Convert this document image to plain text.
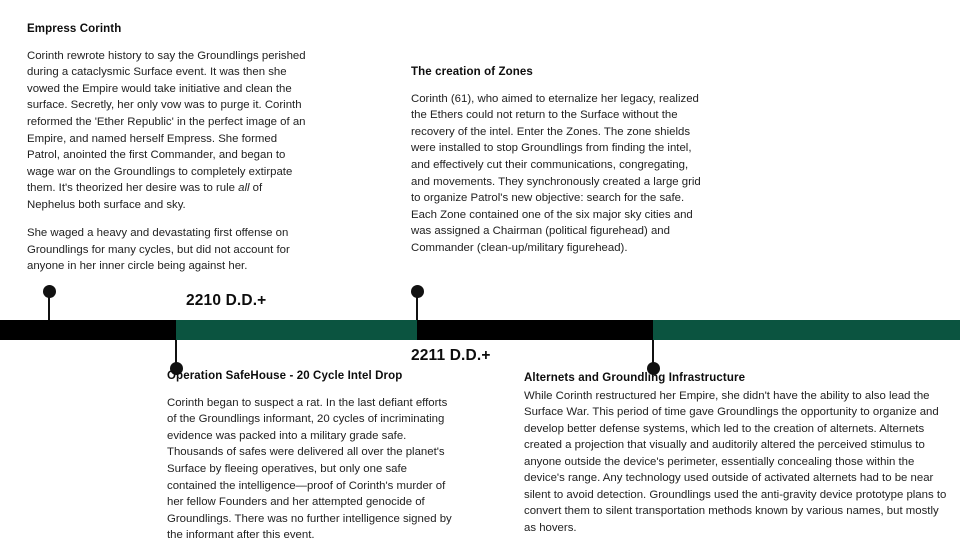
Empress Corinth

Corinth rewrote history to say the Groundlings perished during a cataclysmic Surface event. It was then she vowed the Empire would take initiative and clean the surface. Secretly, her only vow was to purge it. Corinth reformed the 'Ether Republic' in the perfect image of an Empire, and named herself Empress. She formed Patrol, anointed the first Commander, and began to wage war on the Groundlings to completely extirpate them. It's theorized her desire was to rule all of Nephelus both surface and sky.

She waged a heavy and devastating first offense on Groundlings for many cycles, but did not account for anyone in her inner circle being against her.

The creation of Zones

Corinth (61), who aimed to eternalize her legacy, realized the Ethers could not return to the Surface without the recovery of the intel. Enter the Zones. The zone shields were installed to stop Groundlings from finding the intel, and effectively cut their communications, congregating, and movements. They synchronously created a large grid to organize Patrol's new objective: search for the safe. Each Zone contained one of the six major sky cities and was assigned a Chairman (political figurehead) and Commander (clean-up/military figurehead).

2210 D.D.+
2211 D.D.+
Operation SafeHouse - 20 Cycle Intel Drop

Corinth began to suspect a rat. In the last defiant efforts of the Groundlings informant, 20 cycles of incriminating evidence was packed into a military grade safe. Thousands of safes were delivered all over the planet's Surface by fleeing operatives, but only one safe contained the intelligence—proof of Corinth's murder of her fellow Founders and her attempted genocide of Groundlings. There was no further intelligence signed by the informant after this event.

Alternets and Groundling Infrastructure

While Corinth restructured her Empire, she didn't have the ability to also lead the Surface War. This period of time gave Groundlings the opportunity to organize and develop better defense systems, which led to the creation of alternets. Alternets created a projection that visually and auditorily altered the perceived stimulus to anyone outside the device's perimeter, essentially concealing those within the device's range. Any technology used outside of activated alternets had to be near silent to avoid detection. Groundlings used the anti-gravity device prototype plans to convert them to silent transportation methods known by various names, but mostly as hovers.
